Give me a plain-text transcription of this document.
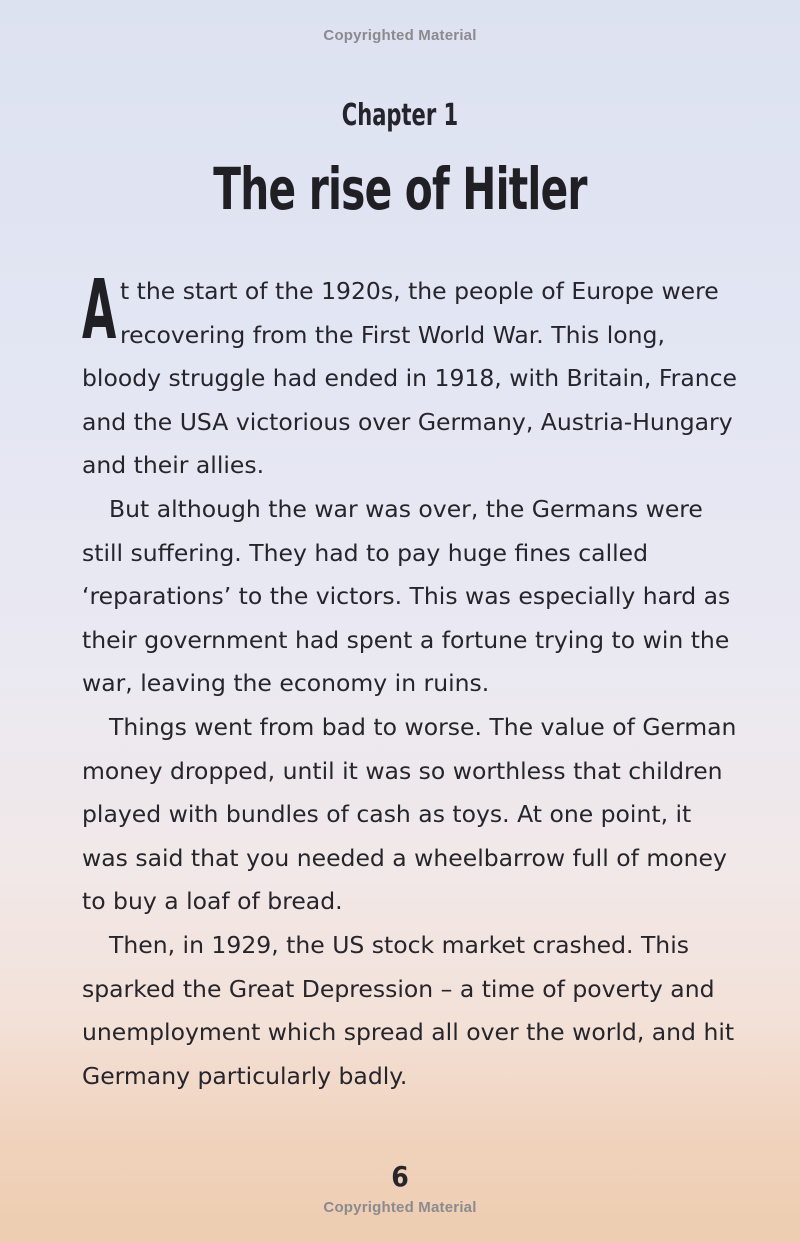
Copyrighted Material
Chapter 1
The rise of Hitler

At the start of the 1920s, the people of Europe were recovering from the First World War. This long, bloody struggle had ended in 1918, with Britain, France and the USA victorious over Germany, Austria-Hungary and their allies.

But although the war was over, the Germans were still suffering. They had to pay huge fines called ‘reparations’ to the victors. This was especially hard as their government had spent a fortune trying to win the war, leaving the economy in ruins.

Things went from bad to worse. The value of German money dropped, until it was so worthless that children played with bundles of cash as toys. At one point, it was said that you needed a wheelbarrow full of money to buy a loaf of bread.

Then, in 1929, the US stock market crashed. This sparked the Great Depression – a time of poverty and unemployment which spread all over the world, and hit Germany particularly badly.

6
Copyrighted Material
